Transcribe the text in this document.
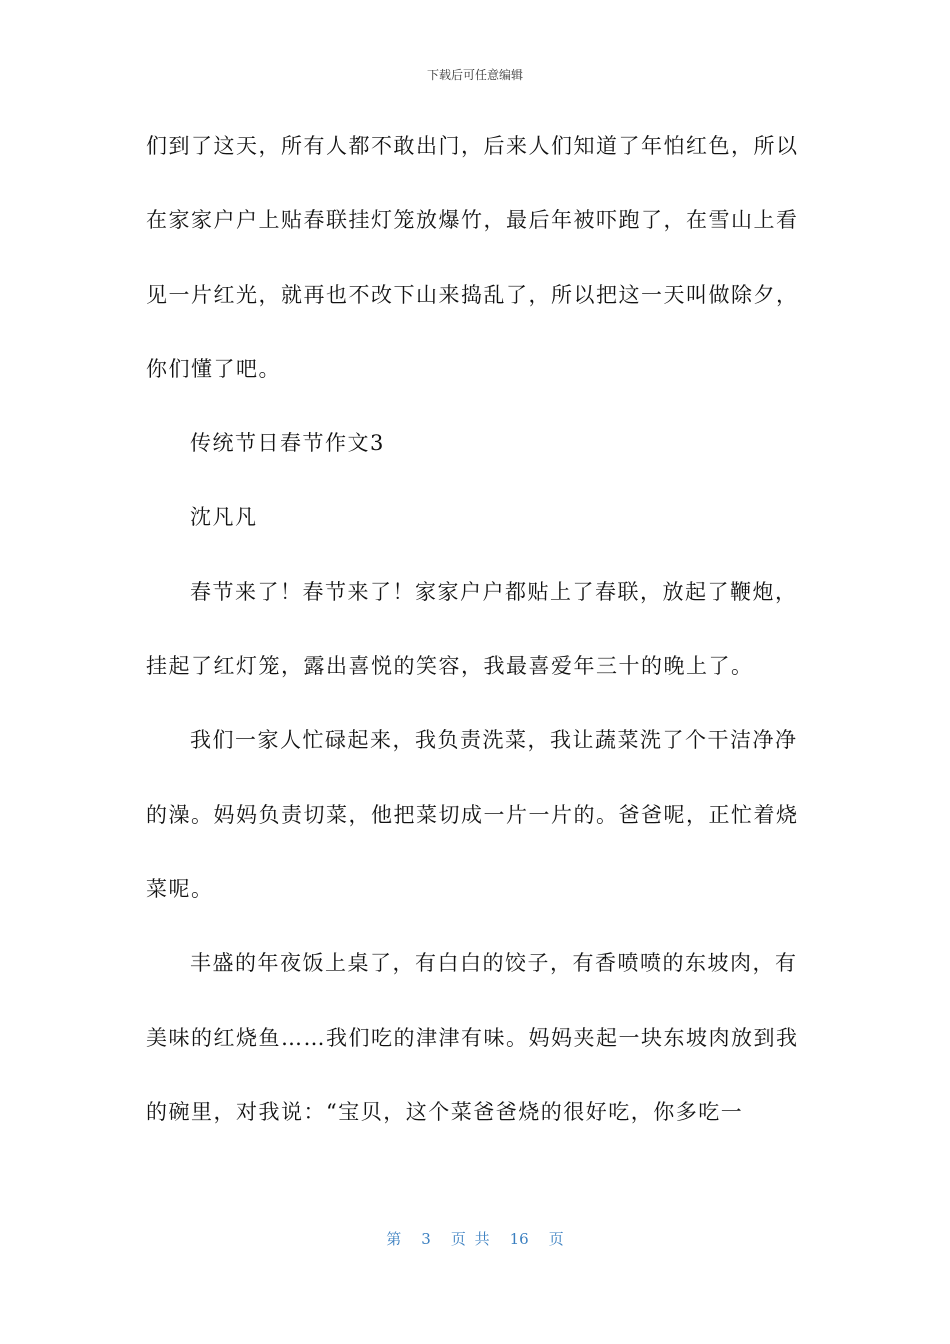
下载后可任意编辑
们到了这天，所有人都不敢出门，后来人们知道了年怕红色，所以
在家家户户上贴春联挂灯笼放爆竹，最后年被吓跑了，在雪山上看
见一片红光，就再也不改下山来捣乱了，所以把这一天叫做除夕，
你们懂了吧。
传统节日春节作文3
沈凡凡
春节来了！春节来了！家家户户都贴上了春联，放起了鞭炮，
挂起了红灯笼，露出喜悦的笑容，我最喜爱年三十的晚上了。
我们一家人忙碌起来，我负责洗菜，我让蔬菜洗了个干洁净净
的澡。妈妈负责切菜，他把菜切成一片一片的。爸爸呢，正忙着烧
菜呢。
丰盛的年夜饭上桌了，有白白的饺子，有香喷喷的东坡肉，有
美味的红烧鱼……我们吃的津津有味。妈妈夹起一块东坡肉放到我
的碗里，对我说：“宝贝，这个菜爸爸烧的很好吃，你多吃一
第 3 页 共 16 页
